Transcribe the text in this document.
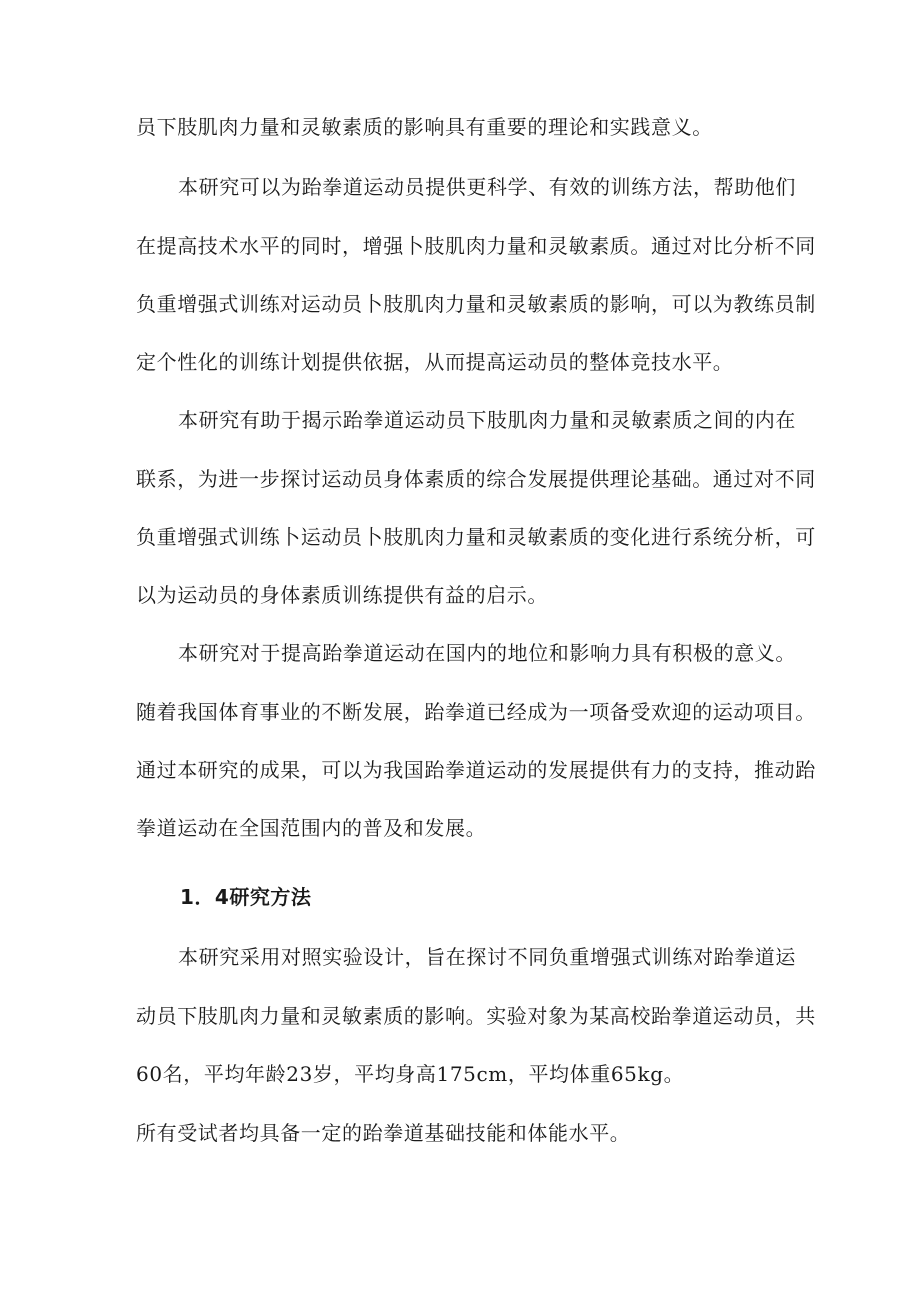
员下肢肌肉力量和灵敏素质的影响具有重要的理论和实践意义。
本研究可以为跆拳道运动员提供更科学、有效的训练方法，帮助他们
在提高技术水平的同时，增强卜肢肌肉力量和灵敏素质。通过对比分析不同
负重增强式训练对运动员卜肢肌肉力量和灵敏素质的影响，可以为教练员制
定个性化的训练计划提供依据，从而提高运动员的整体竞技水平。
本研究有助于揭示跆拳道运动员下肢肌肉力量和灵敏素质之间的内在
联系，为进一步探讨运动员身体素质的综合发展提供理论基础。通过对不同
负重增强式训练卜运动员卜肢肌肉力量和灵敏素质的变化进行系统分析，可
以为运动员的身体素质训练提供有益的启示。
本研究对于提高跆拳道运动在国内的地位和影响力具有积极的意义。
随着我国体育事业的不断发展，跆拳道已经成为一项备受欢迎的运动项目。
通过本研究的成果，可以为我国跆拳道运动的发展提供有力的支持，推动跆
拳道运动在全国范围内的普及和发展。
1．4研究方法
本研究采用对照实验设计，旨在探讨不同负重增强式训练对跆拳道运
动员下肢肌肉力量和灵敏素质的影响。实验对象为某高校跆拳道运动员，共
60名，平均年龄23岁，平均身高175cm，平均体重65kg。
所有受试者均具备一定的跆拳道基础技能和体能水平。
